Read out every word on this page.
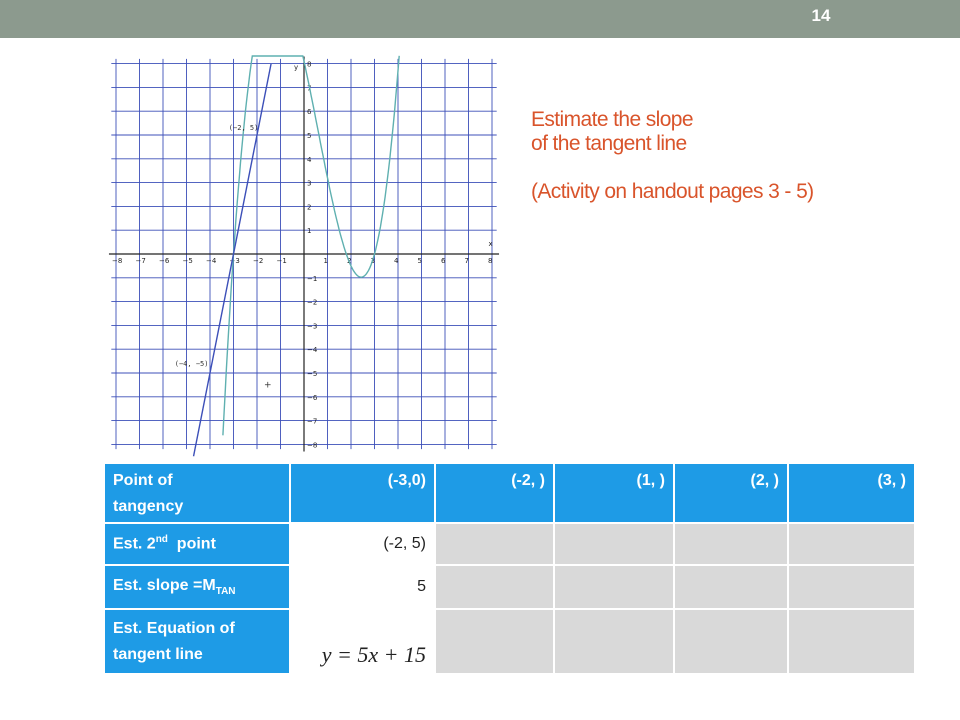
14
x
y
−8 −7 −6 −5 −4 −3 −2 −1	1	2	3	4	5	6	7	8
8
7
6
5
4
3
2
1
−1
−2
−3
−4
−5
−6
−7
−8
(−2, 5)
(−4, −5)
+
Estimate the slope
of the tangent line
(Activity on handout pages 3 - 5)
Point of
tangency	(-3,0)	(-2, )	(1, )	(2, )	(3, )
Est. 2nd  point	(-2, 5)				
Est. slope $=M_{TAN}$	5				
Est. Equation of
tangent line	y = 5x + 15				
